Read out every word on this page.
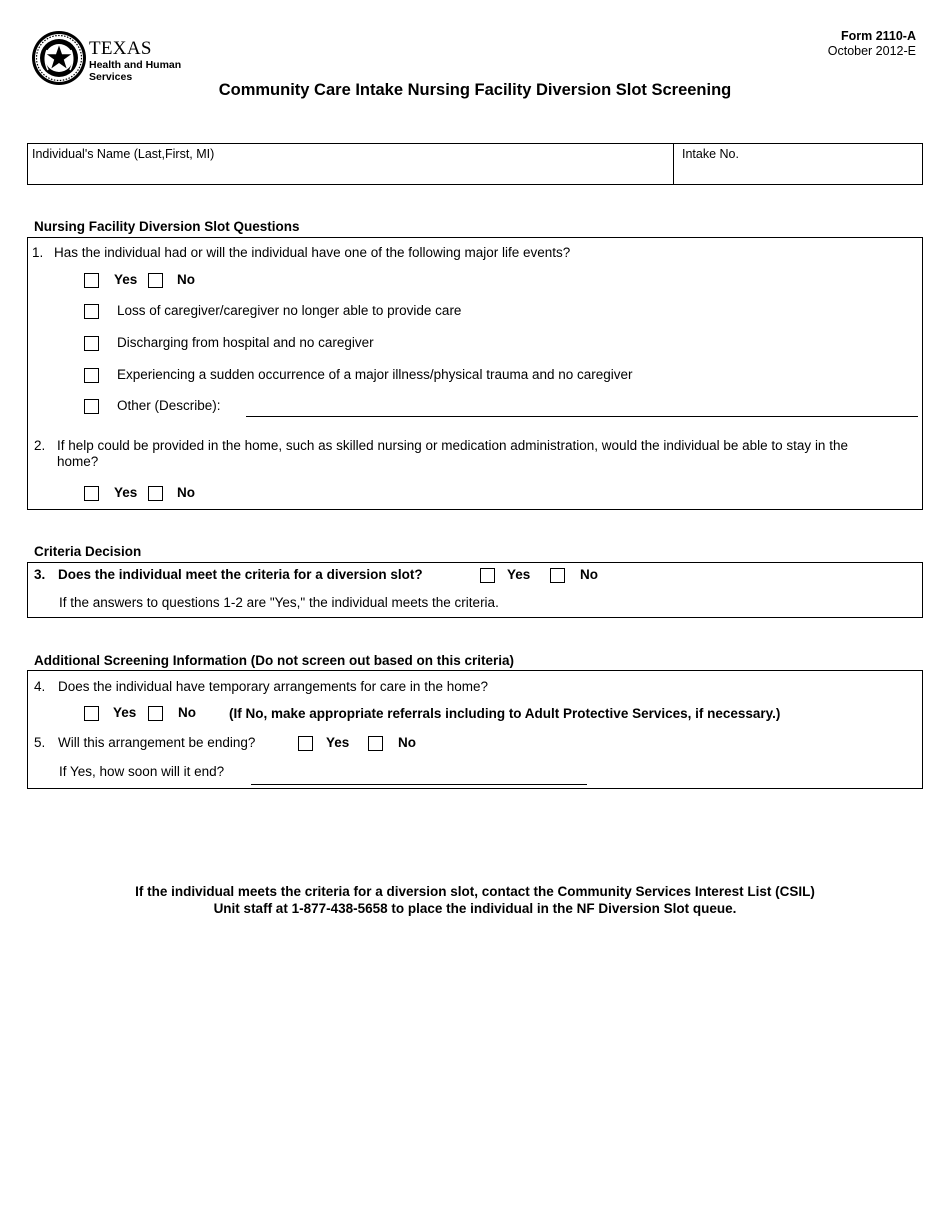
TEXAS
Health and Human
Services
Form 2110-A
October 2012-E
Community Care Intake Nursing Facility Diversion Slot Screening
Individual's Name (Last,First, MI)	Intake No.
Nursing Facility Diversion Slot Questions
1. Has the individual had or will the individual have one of the following major life events?
Yes	No
Loss of caregiver/caregiver no longer able to provide care
Discharging from hospital and no caregiver
Experiencing a sudden occurrence of a major illness/physical trauma and no caregiver
Other (Describe):
2. If help could be provided in the home, such as skilled nursing or medication administration, would the individual be able to stay in the
home?
Yes	No
Criteria Decision
3. Does the individual meet the criteria for a diversion slot?	Yes	No
If the answers to questions 1-2 are "Yes," the individual meets the criteria.
Additional Screening Information (Do not screen out based on this criteria)
4. Does the individual have temporary arrangements for care in the home?
Yes	No (If No, make appropriate referrals including to Adult Protective Services, if necessary.)
5. Will this arrangement be ending?	Yes	No
If Yes, how soon will it end?
If the individual meets the criteria for a diversion slot, contact the Community Services Interest List (CSIL)
Unit staff at 1-877-438-5658 to place the individual in the NF Diversion Slot queue.
